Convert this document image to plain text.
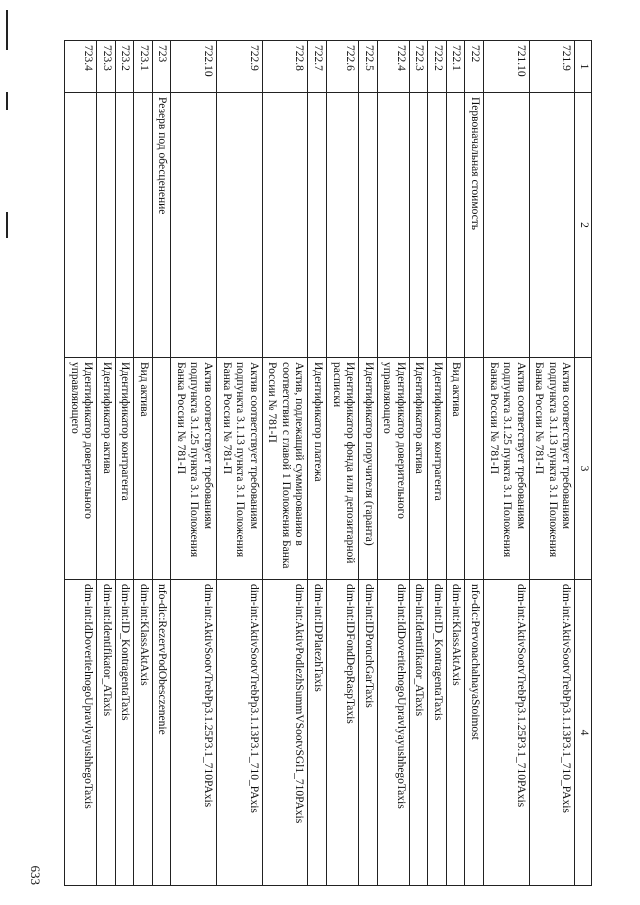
1	2	3	4
721.9		Актив соответствует требованиям подпункта 3.1.13 пункта 3.1 Положения Банка России № 781-П	dim-int:AktivSootvTrebPp3.1.13P3.1_710_PAxis
721.10		Актив соответствует требованиям подпункта 3.1.25 пункта 3.1 Положения Банка России № 781-П	dim-int:AktivSootvTrebPp3.1.25P3.1_710PAxis
722	Первоначальная стоимость		nfo-dic:PervonachalnayaStoimost
722.1		Вид актива	dim-int:KlassAktAxis
722.2		Идентификатор контрагента	dim-int:ID_KontragentaTaxis
722.3		Идентификатор актива	dim-int:Identifikator_ATaxis
722.4		Идентификатор доверительного управляющего	dim-int:IdDoveritelnogoUpravlyayushhegoTaxis
722.5		Идентификатор поручителя (гаранта)	dim-int:IDPoruchGarTaxis
722.6		Идентификатор фонда или депозитарной расписки	dim-int:IDFondDepRaspTaxis
722.7		Идентификатор платежа	dim-int:IDPlatezhTaxis
722.8		Актив, подлежащий суммированию в соответствии с главой 1 Положения Банка России № 781-П	dim-int:AktivPodlezhSummVSootvSGl1_710PAxis
722.9		Актив соответствует требованиям подпункта 3.1.13 пункта 3.1 Положения Банка России № 781-П	dim-int:AktivSootvTrebPp3.1.13P3.1_710_PAxis
722.10		Актив соответствует требованиям подпункта 3.1.25 пункта 3.1 Положения Банка России № 781-П	dim-int:AktivSootvTrebPp3.1.25P3.1_710PAxis
723	Резерв под обесценение		nfo-dic:RezervPodObesczenenie
723.1		Вид актива	dim-int:KlassAktAxis
723.2		Идентификатор контрагента	dim-int:ID_KontragentaTaxis
723.3		Идентификатор актива	dim-int:Identifikator_ATaxis
723.4		Идентификатор доверительного управляющего	dim-int:IdDoveritelnogoUpravlyayushhegoTaxis
633
